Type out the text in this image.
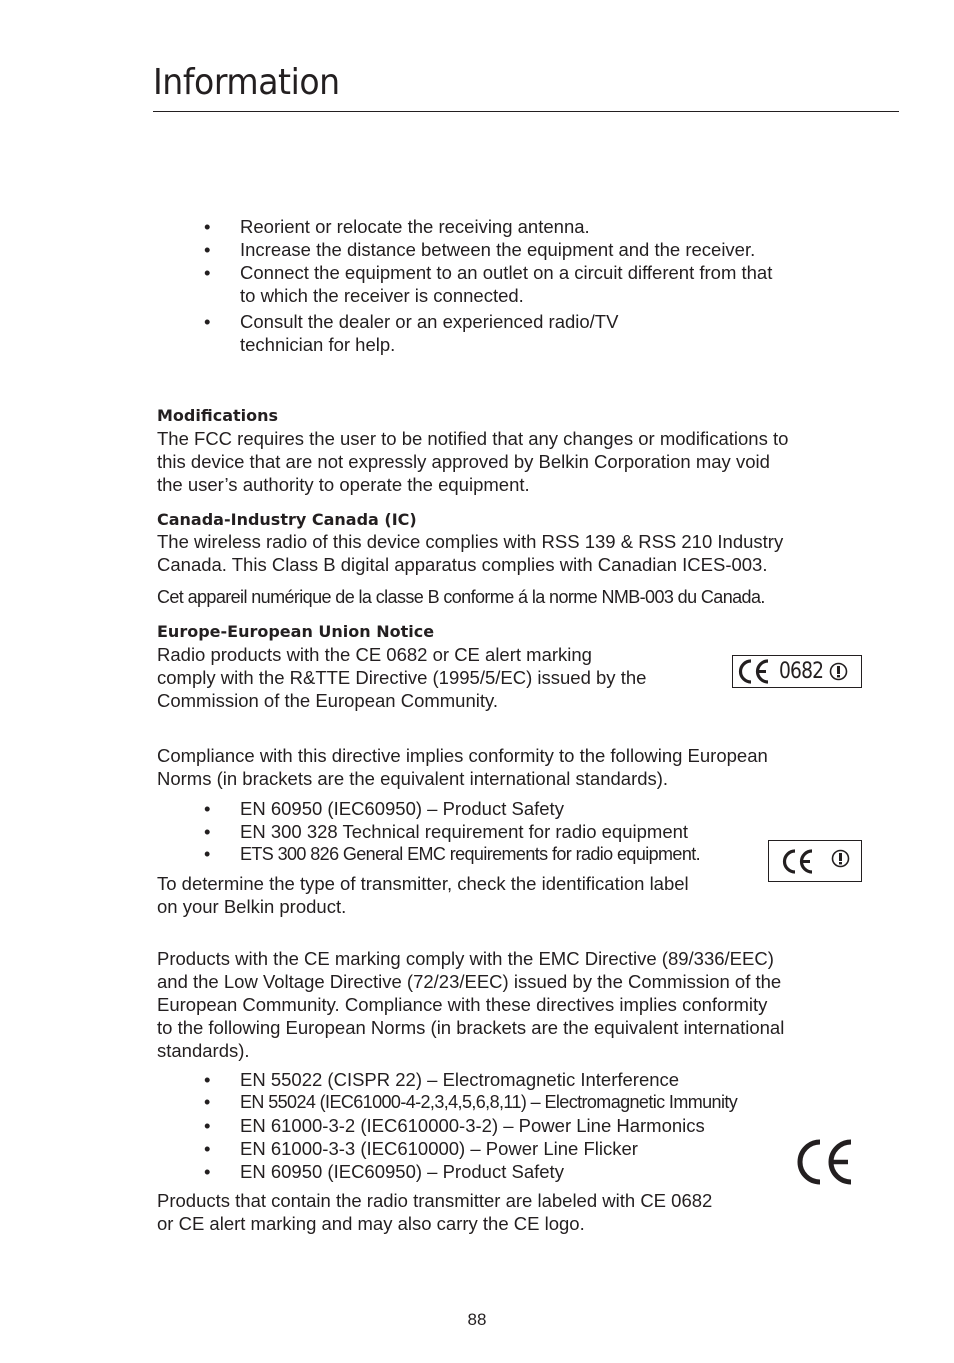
Information
• Reorient or relocate the receiving antenna.
• Increase the distance between the equipment and the receiver.
• Connect the equipment to an outlet on a circuit different from that
to which the receiver is connected.
• Consult the dealer or an experienced radio/TV
technician for help.
Modifications

The FCC requires the user to be notified that any changes or modifications to
this device that are not expressly approved by Belkin Corporation may void
the user’s authority to operate the equipment.

Canada-Industry Canada (IC)

The wireless radio of this device complies with RSS 139 & RSS 210 Industry
Canada. This Class B digital apparatus complies with Canadian ICES-003.

Cet appareil numérique de la classe B conforme á la norme NMB-003 du Canada.

Europe-European Union Notice

Radio products with the CE 0682 or CE alert marking
comply with the R&TTE Directive (1995/5/EC) issued by the
Commission of the European Community.

0682

Compliance with this directive implies conformity to the following European
Norms (in brackets are the equivalent international standards).

• EN 60950 (IEC60950) – Product Safety
• EN 300 328 Technical requirement for radio equipment
• ETS 300 826 General EMC requirements for radio equipment.

To determine the type of transmitter, check the identification label
on your Belkin product.

Products with the CE marking comply with the EMC Directive (89/336/EEC)
and the Low Voltage Directive (72/23/EEC) issued by the Commission of the
European Community. Compliance with these directives implies conformity
to the following European Norms (in brackets are the equivalent international
standards).

• EN 55022 (CISPR 22) – Electromagnetic Interference
• EN 55024 (IEC61000-4-2,3,4,5,6,8,11) – Electromagnetic Immunity
• EN 61000-3-2 (IEC610000-3-2) – Power Line Harmonics
• EN 61000-3-3 (IEC610000) – Power Line Flicker
• EN 60950 (IEC60950) – Product Safety

Products that contain the radio transmitter are labeled with CE 0682
or CE alert marking and may also carry the CE logo.

88
